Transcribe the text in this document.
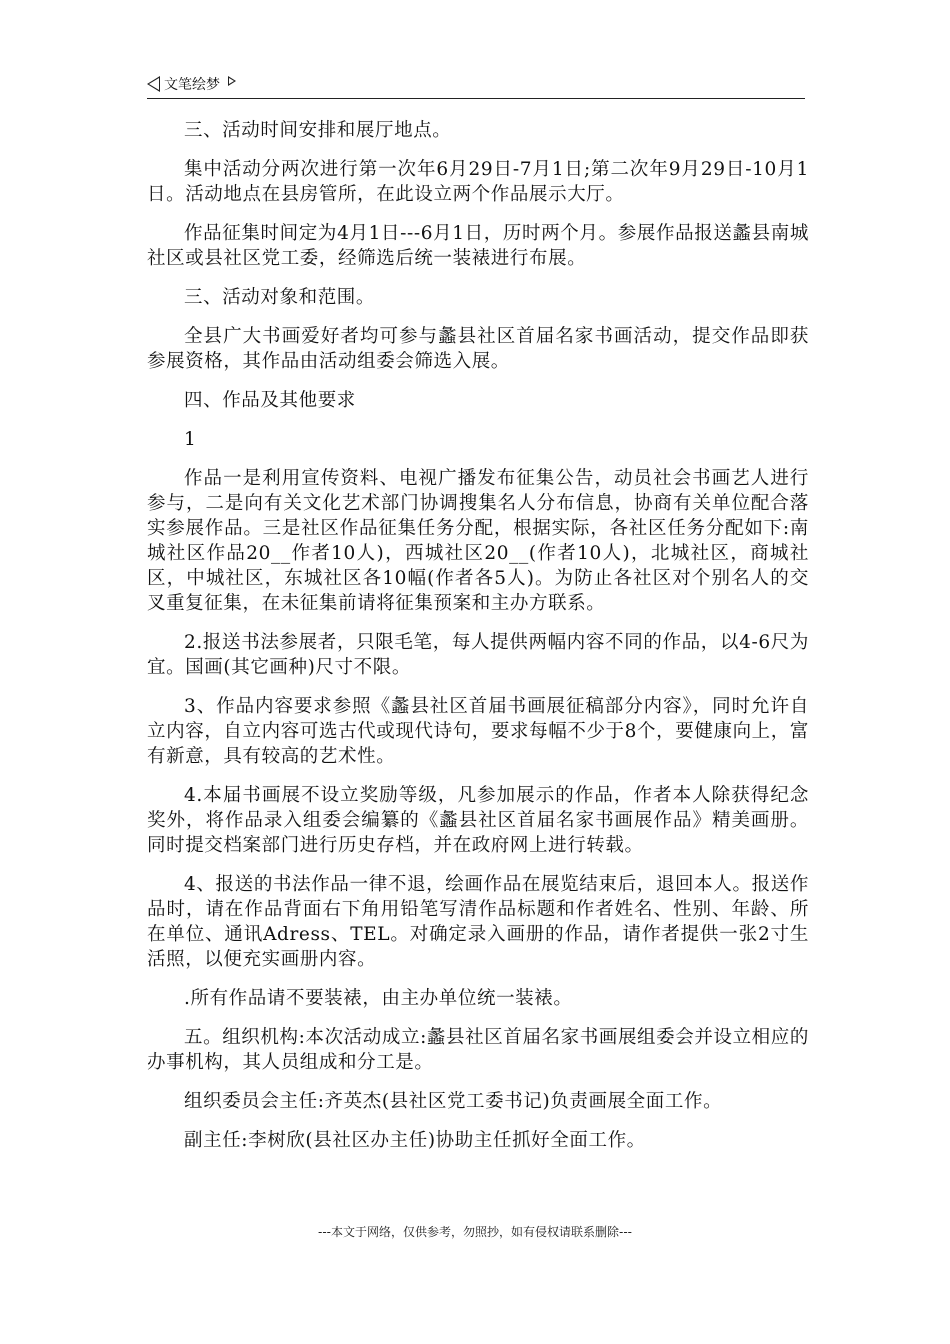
文笔绘梦

三、活动时间安排和展厅地点。

集中活动分两次进行第一次年6月29日-7月1日;第二次年9月29日-10月1日。活动地点在县房管所，在此设立两个作品展示大厅。

作品征集时间定为4月1日---6月1日，历时两个月。参展作品报送蠡县南城社区或县社区党工委，经筛选后统一装裱进行布展。

三、活动对象和范围。

全县广大书画爱好者均可参与蠡县社区首届名家书画活动，提交作品即获参展资格，其作品由活动组委会筛选入展。

四、作品及其他要求

1

作品一是利用宣传资料、电视广播发布征集公告，动员社会书画艺人进行参与，二是向有关文化艺术部门协调搜集名人分布信息，协商有关单位配合落实参展作品。三是社区作品征集任务分配，根据实际，各社区任务分配如下:南城社区作品20__作者10人)，西城社区20__(作者10人)，北城社区，商城社区，中城社区，东城社区各10幅(作者各5人)。为防止各社区对个别名人的交叉重复征集，在未征集前请将征集预案和主办方联系。

2.报送书法参展者，只限毛笔，每人提供两幅内容不同的作品，以4-6尺为宜。国画(其它画种)尺寸不限。

3、作品内容要求参照《蠡县社区首届书画展征稿部分内容》，同时允许自立内容，自立内容可选古代或现代诗句，要求每幅不少于8个，要健康向上，富有新意，具有较高的艺术性。

4.本届书画展不设立奖励等级，凡参加展示的作品，作者本人除获得纪念奖外，将作品录入组委会编纂的《蠡县社区首届名家书画展作品》精美画册。同时提交档案部门进行历史存档，并在政府网上进行转载。

4、报送的书法作品一律不退，绘画作品在展览结束后，退回本人。报送作品时，请在作品背面右下角用铅笔写清作品标题和作者姓名、性别、年龄、所在单位、通讯Adress、TEL。对确定录入画册的作品，请作者提供一张2寸生活照，以便充实画册内容。

.所有作品请不要装裱，由主办单位统一装裱。

五。组织机构:本次活动成立:蠡县社区首届名家书画展组委会并设立相应的办事机构，其人员组成和分工是。

组织委员会主任:齐英杰(县社区党工委书记)负责画展全面工作。

副主任:李树欣(县社区办主任)协助主任抓好全面工作。

---本文于网络，仅供参考，勿照抄，如有侵权请联系删除---
